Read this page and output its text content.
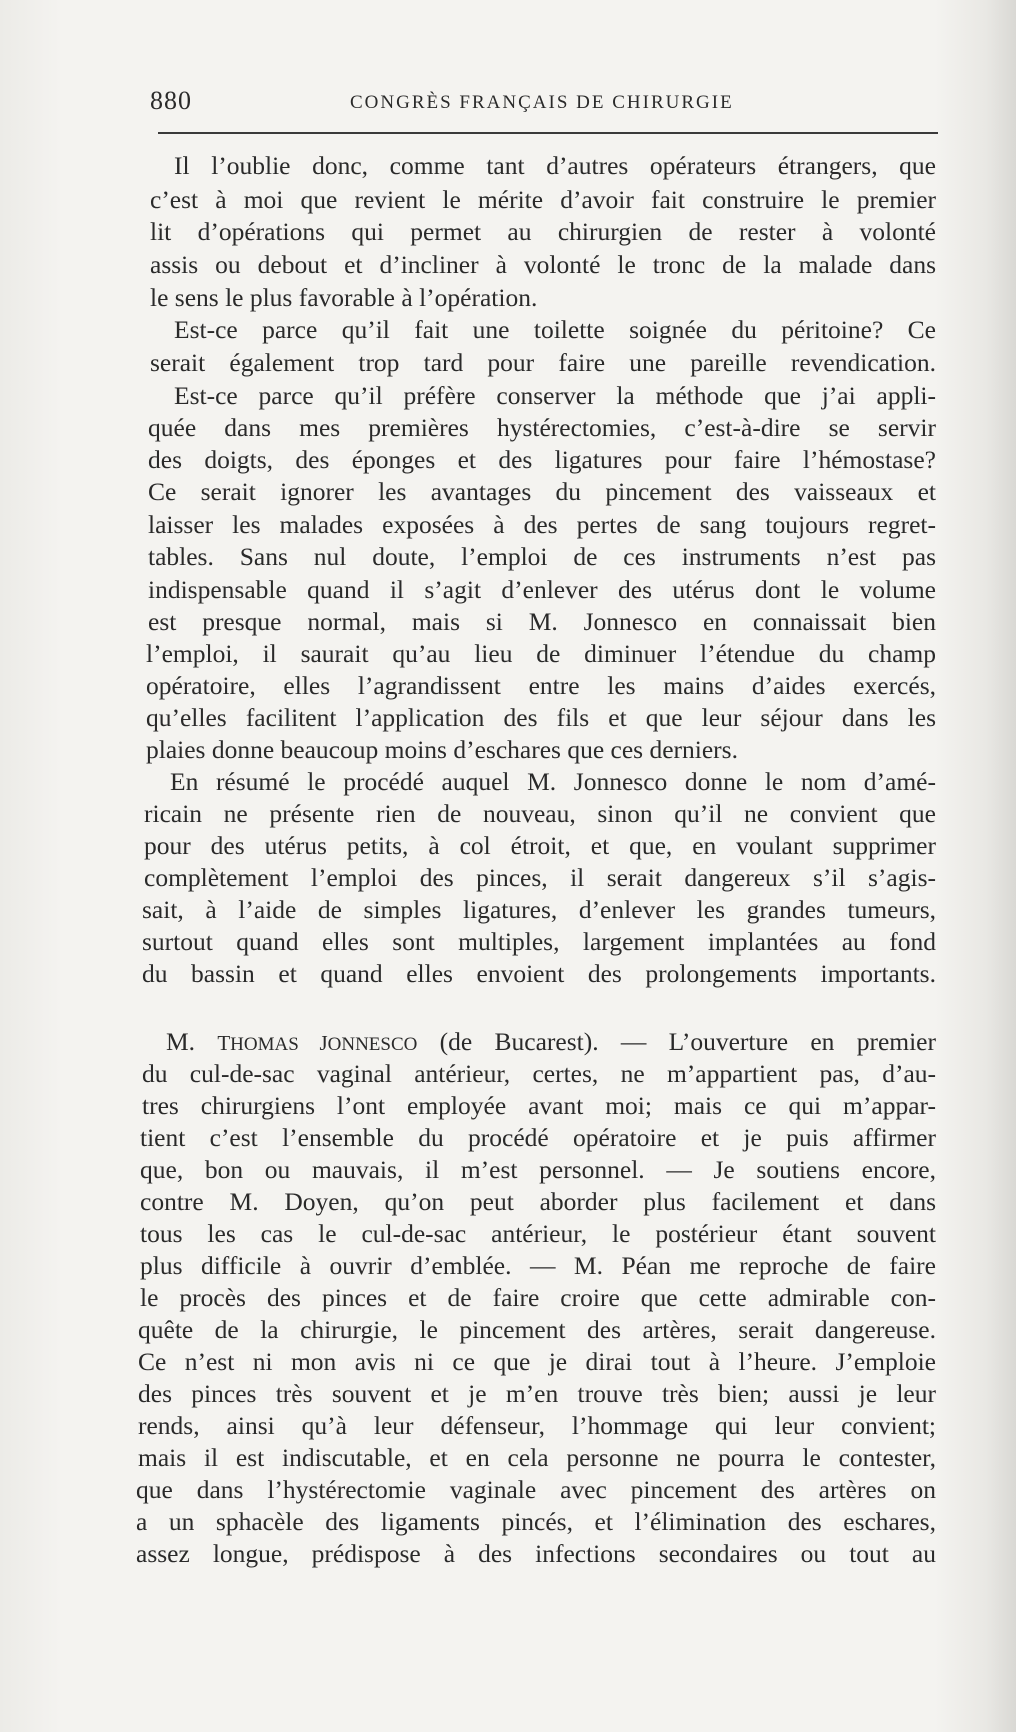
880	CONGRÈS FRANÇAIS DE CHIRURGIE
Il l’oublie donc, comme tant d’autres opérateurs étrangers, que
c’est à moi que revient le mérite d’avoir fait construire le premier
lit d’opérations qui permet au chirurgien de rester à volonté
assis ou debout et d’incliner à volonté le tronc de la malade dans
le sens le plus favorable à l’opération.
Est-ce parce qu’il fait une toilette soignée du péritoine? Ce
serait également trop tard pour faire une pareille revendication.
Est-ce parce qu’il préfère conserver la méthode que j’ai appli-
quée dans mes premières hystérectomies, c’est-à-dire se servir
des doigts, des éponges et des ligatures pour faire l’hémostase?
Ce serait ignorer les avantages du pincement des vaisseaux et
laisser les malades exposées à des pertes de sang toujours regret-
tables. Sans nul doute, l’emploi de ces instruments n’est pas
indispensable quand il s’agit d’enlever des utérus dont le volume
est presque normal, mais si M. Jonnesco en connaissait bien
l’emploi, il saurait qu’au lieu de diminuer l’étendue du champ
opératoire, elles l’agrandissent entre les mains d’aides exercés,
qu’elles facilitent l’application des fils et que leur séjour dans les
plaies donne beaucoup moins d’eschares que ces derniers.
En résumé le procédé auquel M. Jonnesco donne le nom d’amé-
ricain ne présente rien de nouveau, sinon qu’il ne convient que
pour des utérus petits, à col étroit, et que, en voulant supprimer
complètement l’emploi des pinces, il serait dangereux s’il s’agis-
sait, à l’aide de simples ligatures, d’enlever les grandes tumeurs,
surtout quand elles sont multiples, largement implantées au fond
du bassin et quand elles envoient des prolongements importants.
M. THOMAS JONNESCO (de Bucarest). — L’ouverture en premier
du cul-de-sac vaginal antérieur, certes, ne m’appartient pas, d’au-
tres chirurgiens l’ont employée avant moi; mais ce qui m’appar-
tient c’est l’ensemble du procédé opératoire et je puis affirmer
que, bon ou mauvais, il m’est personnel. — Je soutiens encore,
contre M. Doyen, qu’on peut aborder plus facilement et dans
tous les cas le cul-de-sac antérieur, le postérieur étant souvent
plus difficile à ouvrir d’emblée. — M. Péan me reproche de faire
le procès des pinces et de faire croire que cette admirable con-
quête de la chirurgie, le pincement des artères, serait dangereuse.
Ce n’est ni mon avis ni ce que je dirai tout à l’heure. J’emploie
des pinces très souvent et je m’en trouve très bien; aussi je leur
rends, ainsi qu’à leur défenseur, l’hommage qui leur convient;
mais il est indiscutable, et en cela personne ne pourra le contester,
que dans l’hystérectomie vaginale avec pincement des artères on
a un sphacèle des ligaments pincés, et l’élimination des eschares,
assez longue, prédispose à des infections secondaires ou tout au
